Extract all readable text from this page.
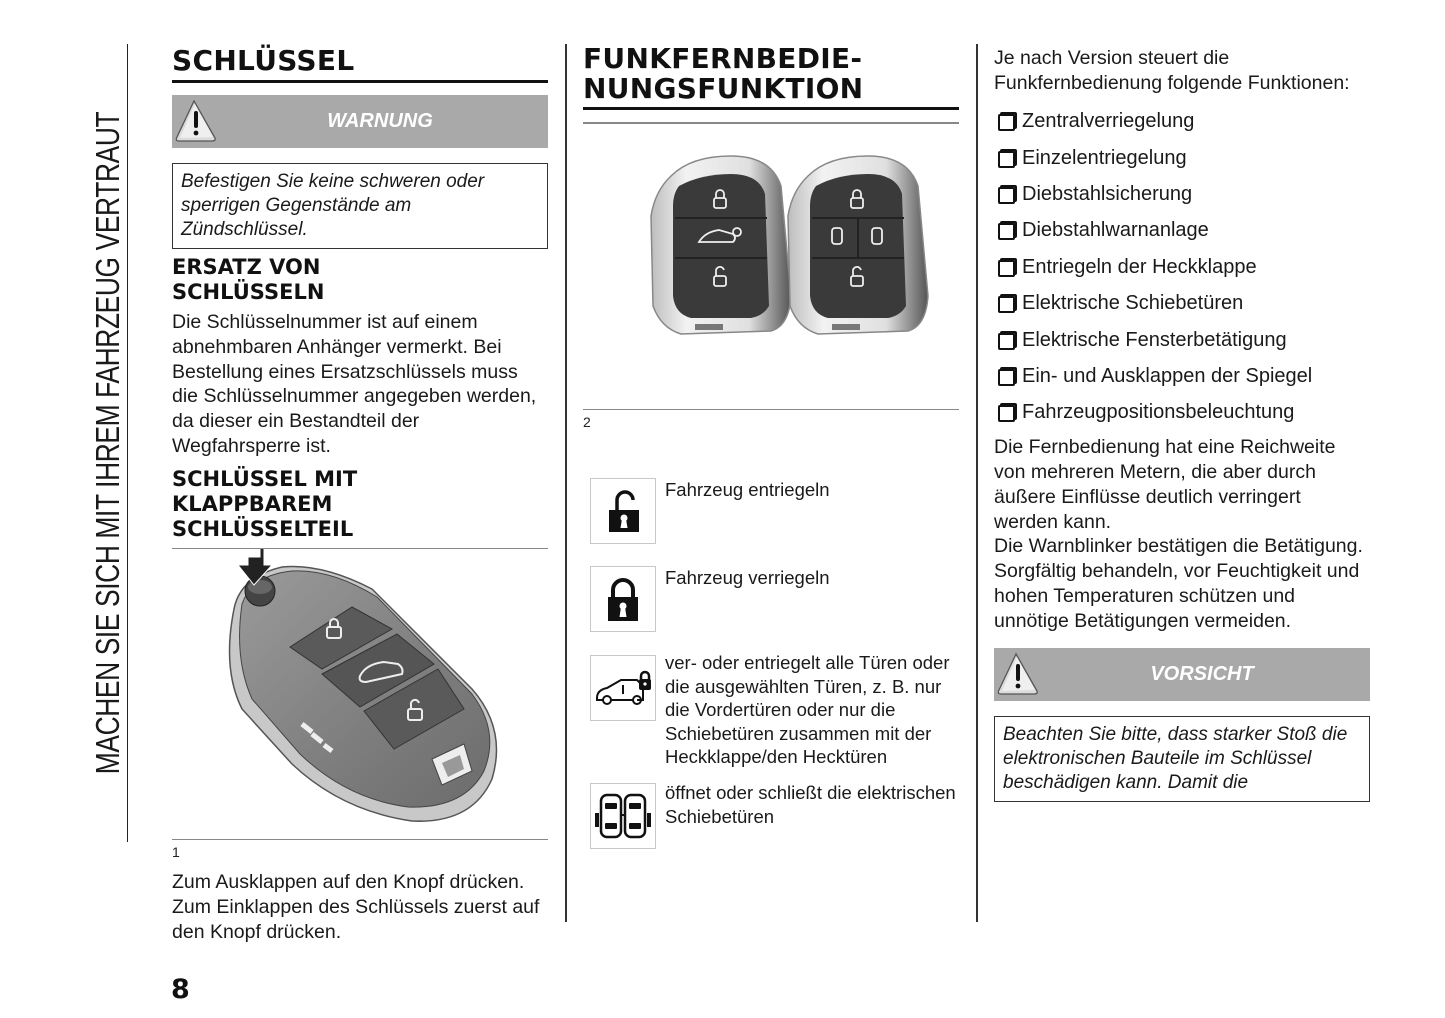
MACHEN SIE SICH MIT IHREM FAHRZEUG VERTRAUT
SCHLÜSSEL
WARNUNG
Befestigen Sie keine schweren oder sperrigen Gegenstände am Zündschlüssel.
ERSATZ VON
SCHLÜSSELN
Die Schlüsselnummer ist auf einem abnehmbaren Anhänger vermerkt. Bei Bestellung eines Ersatzschlüssels muss die Schlüsselnummer angegeben werden, da dieser ein Bestandteil der Wegfahrsperre ist.
SCHLÜSSEL MIT
KLAPPBAREM
SCHLÜSSELTEIL
1
Zum Ausklappen auf den Knopf drücken.
Zum Einklappen des Schlüssels zuerst auf den Knopf drücken.
FUNKFERNBEDIE-
NUNGSFUNKTION
2
Fahrzeug entriegeln
Fahrzeug verriegeln
ver- oder entriegelt alle Türen oder die ausgewählten Türen, z. B. nur die Vordertüren oder nur die Schiebetüren zusammen mit der Heckklappe/den Hecktüren
öffnet oder schließt die elektrischen Schiebetüren
Je nach Version steuert die Funkfernbedienung folgende Funktionen:
Zentralverriegelung
Einzelentriegelung
Diebstahlsicherung
Diebstahlwarnanlage
Entriegeln der Heckklappe
Elektrische Schiebetüren
Elektrische Fensterbetätigung
Ein- und Ausklappen der Spiegel
Fahrzeugpositionsbeleuchtung
Die Fernbedienung hat eine Reichweite von mehreren Metern, die aber durch äußere Einflüsse deutlich verringert werden kann.
Die Warnblinker bestätigen die Betätigung.
Sorgfältig behandeln, vor Feuchtigkeit und hohen Temperaturen schützen und unnötige Betätigungen vermeiden.
VORSICHT
Beachten Sie bitte, dass starker Stoß die elektronischen Bauteile im Schlüssel beschädigen kann. Damit die
8
